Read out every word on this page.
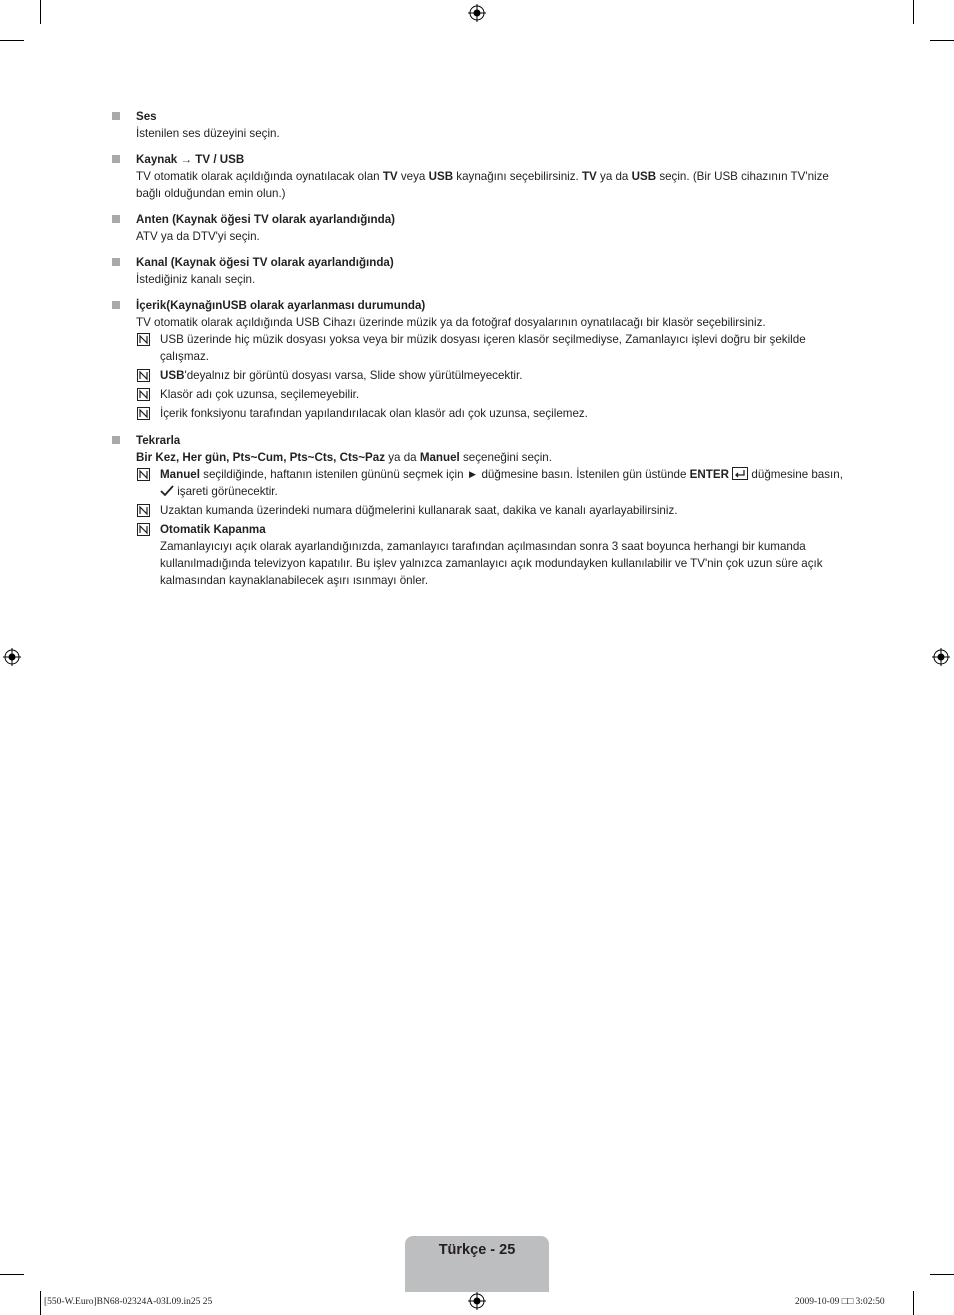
Ses
İstenilen ses düzeyini seçin.
Kaynak → TV / USB
TV otomatik olarak açıldığında oynatılacak olan TV veya USB kaynağını seçebilirsiniz. TV ya da USB seçin. (Bir USB cihazının TV'nize bağlı olduğundan emin olun.)
Anten (Kaynak öğesi TV olarak ayarlandığında)
ATV ya da DTV'yi seçin.
Kanal (Kaynak öğesi TV olarak ayarlandığında)
İstediğiniz kanalı seçin.
İçerik(KaynağınUSB olarak ayarlanması durumunda)
TV otomatik olarak açıldığında USB Cihazı üzerinde müzik ya da fotoğraf dosyalarının oynatılacağı bir klasör seçebilirsiniz.
USB üzerinde hiç müzik dosyası yoksa veya bir müzik dosyası içeren klasör seçilmediyse, Zamanlayıcı işlevi doğru bir şekilde çalışmaz.
USB'deyalnız bir görüntü dosyası varsa, Slide show yürütülmeyecektir.
Klasör adı çok uzunsa, seçilemeyebilir.
İçerik fonksiyonu tarafından yapılandırılacak olan klasör adı çok uzunsa, seçilemez.
Tekrarla
Bir Kez, Her gün, Pts~Cum, Pts~Cts, Cts~Paz ya da Manuel seçeneğini seçin.
Manuel seçildiğinde, haftanın istenilen gününü seçmek için ► düğmesine basın. İstenilen gün üstünde ENTER  düğmesine basın,  işareti görünecektir.
Uzaktan kumanda üzerindeki numara düğmelerini kullanarak saat, dakika ve kanalı ayarlayabilirsiniz.
Otomatik Kapanma
Zamanlayıcıyı açık olarak ayarlandığınızda, zamanlayıcı tarafından açılmasından sonra 3 saat boyunca herhangi bir kumanda kullanılmadığında televizyon kapatılır. Bu işlev yalnızca zamanlayıcı açık modundayken kullanılabilir ve TV'nin çok uzun süre açık kalmasından kaynaklanabilecek aşırı ısınmayı önler.
Türkçe - 25
[550-W.Euro]BN68-02324A-03L09.in25 25	2009-10-09 □□ 3:02:50
